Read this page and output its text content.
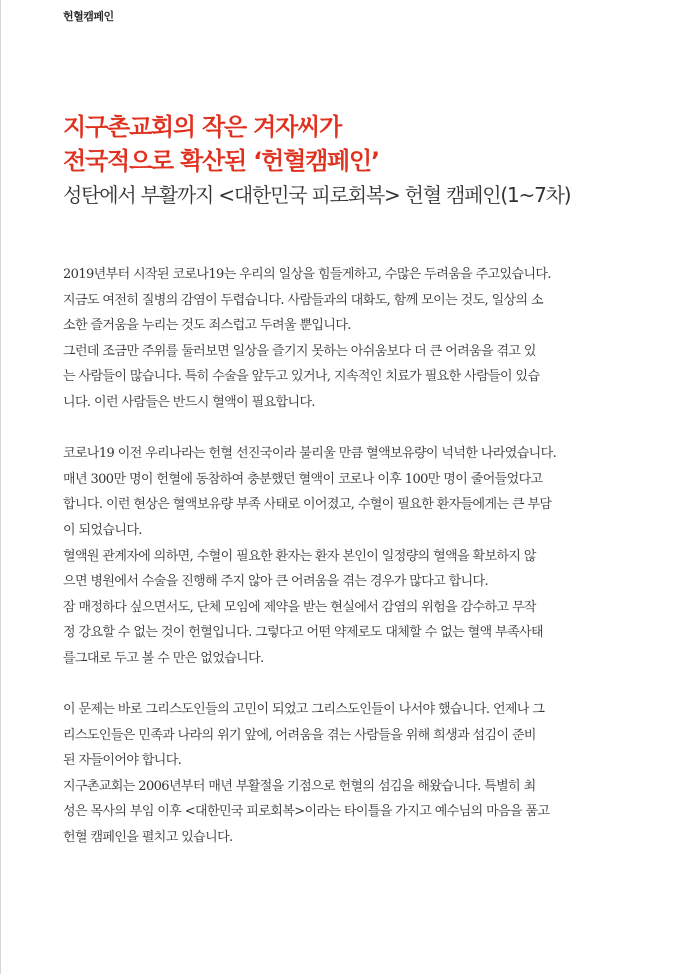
헌혈캠페인
지구촌교회의 작은 겨자씨가
전국적으로 확산된 ‘헌혈캠페인’
성탄에서 부활까지 <대한민국 피로회복> 헌혈 캠페인(1~7차)
2019년부터 시작된 코로나19는 우리의 일상을 힘들게하고, 수많은 두려움을 주고있습니다.
지금도 여전히 질병의 감염이 두렵습니다. 사람들과의 대화도, 함께 모이는 것도, 일상의 소
소한 즐거움을 누리는 것도 죄스럽고 두려울 뿐입니다.
그런데 조금만 주위를 둘러보면 일상을 즐기지 못하는 아쉬움보다 더 큰 어려움을 겪고 있
는 사람들이 많습니다. 특히 수술을 앞두고 있거나, 지속적인 치료가 필요한 사람들이 있습
니다. 이런 사람들은 반드시 혈액이 필요합니다.
코로나19 이전 우리나라는 헌혈 선진국이라 불리울 만큼 혈액보유량이 넉넉한 나라였습니다.
매년 300만 명이 헌혈에 동참하여 충분했던 혈액이 코로나 이후 100만 명이 줄어들었다고
합니다. 이런 현상은 혈액보유량 부족 사태로 이어졌고, 수혈이 필요한 환자들에게는 큰 부담
이 되었습니다.
혈액원 관계자에 의하면, 수혈이 필요한 환자는 환자 본인이 일정량의 혈액을 확보하지 않
으면 병원에서 수술을 진행해 주지 않아 큰 어려움을 겪는 경우가 많다고 합니다.
잠 매정하다 싶으면서도, 단체 모임에 제약을 받는 현실에서 감염의 위험을 감수하고 무작
정 강요할 수 없는 것이 헌혈입니다. 그렇다고 어떤 약제로도 대체할 수 없는 혈액 부족사태
를그대로 두고 볼 수 만은 없었습니다.
이 문제는 바로 그리스도인들의 고민이 되었고 그리스도인들이 나서야 했습니다. 언제나 그
리스도인들은 민족과 나라의 위기 앞에, 어려움을 겪는 사람들을 위해 희생과 섬김이 준비
된 자들이어야 합니다.
지구촌교회는 2006년부터 매년 부활절을 기점으로 헌혈의 섬김을 해왔습니다. 특별히 최
성은 목사의 부임 이후 <대한민국 피로회복>이라는 타이틀을 가지고 예수님의 마음을 품고
헌혈 캠페인을 펼치고 있습니다.
